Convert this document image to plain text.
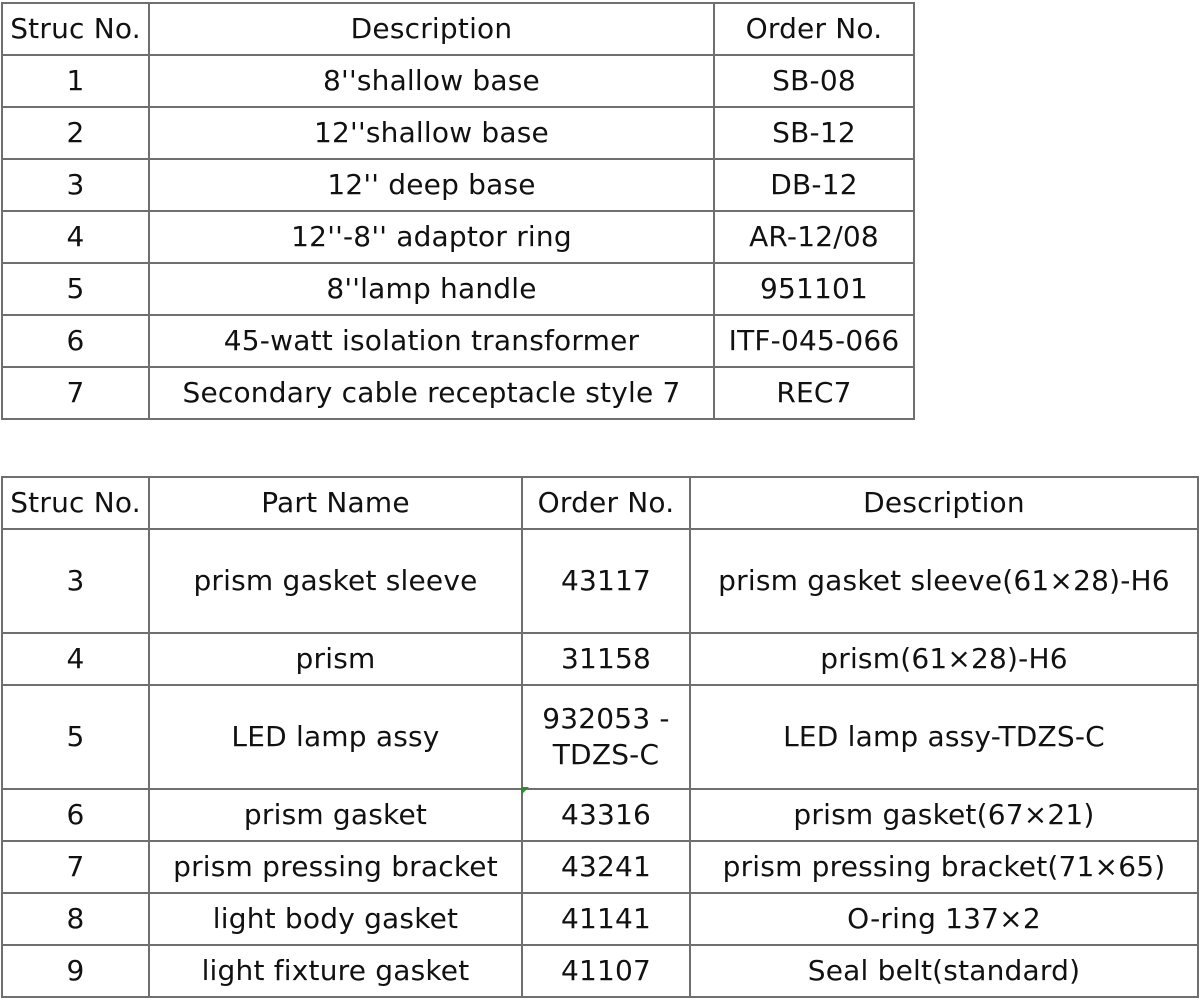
Struc No.	Description	Order No.
1	8''shallow base	SB-08
2	12''shallow base	SB-12
3	12'' deep base	DB-12
4	12''-8'' adaptor ring	AR-12/08
5	8''lamp handle	951101
6	45-watt isolation transformer	ITF-045-066
7	Secondary cable receptacle style 7	REC7
Struc No.	Part Name	Order No.	Description
3	prism gasket sleeve	43117	prism gasket sleeve(61×28)-H6
4	prism	31158	prism(61×28)-H6
5	LED lamp assy	932053 -TDZS-C	LED lamp assy-TDZS-C
6	prism gasket	43316	prism gasket(67×21)
7	prism pressing bracket	43241	prism pressing bracket(71×65)
8	light body gasket	41141	O-ring 137×2
9	light fixture gasket	41107	Seal belt(standard)
